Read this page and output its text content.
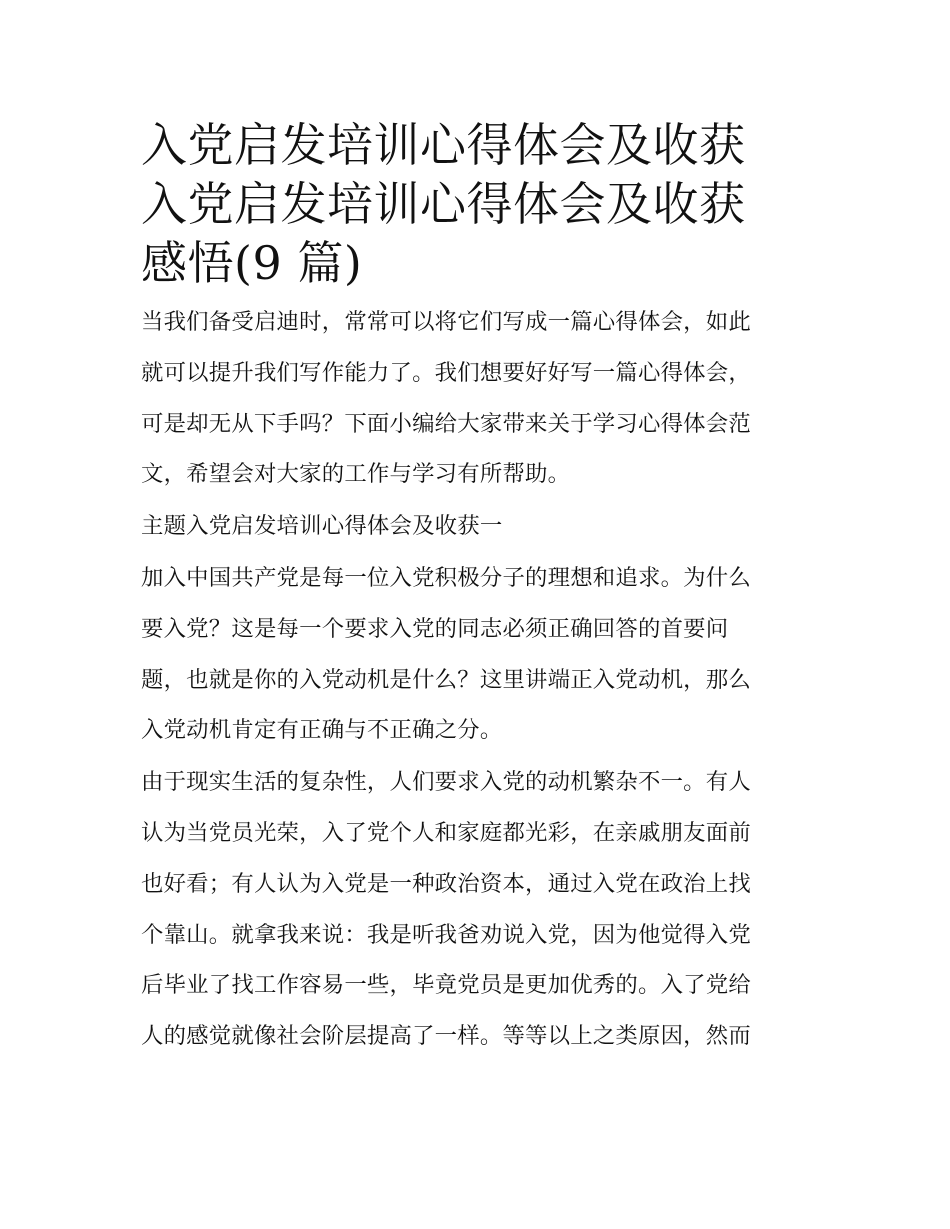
入党启发培训心得体会及收获
入党启发培训心得体会及收获
感悟(9 篇)

当我们备受启迪时，常常可以将它们写成一篇心得体会，如此
就可以提升我们写作能力了。我们想要好好写一篇心得体会，
可是却无从下手吗？下面小编给大家带来关于学习心得体会范
文，希望会对大家的工作与学习有所帮助。

主题入党启发培训心得体会及收获一

加入中国共产党是每一位入党积极分子的理想和追求。为什么
要入党？这是每一个要求入党的同志必须正确回答的首要问
题，也就是你的入党动机是什么？这里讲端正入党动机，那么
入党动机肯定有正确与不正确之分。

由于现实生活的复杂性，人们要求入党的动机繁杂不一。有人
认为当党员光荣，入了党个人和家庭都光彩，在亲戚朋友面前
也好看；有人认为入党是一种政治资本，通过入党在政治上找
个靠山。就拿我来说：我是听我爸劝说入党，因为他觉得入党
后毕业了找工作容易一些，毕竟党员是更加优秀的。入了党给
人的感觉就像社会阶层提高了一样。等等以上之类原因，然而
